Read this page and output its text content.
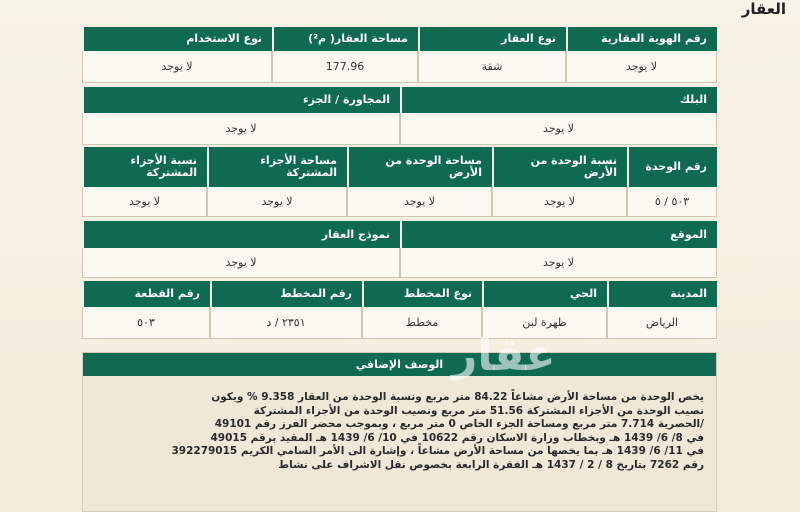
العقار
رقم الهوية العقارية
نوع العقار
مساحة العقار( م²)
نوع الاستخدام
لا يوجد
شقة
177.96
لا يوجد
البلك
المجاورة / الجزء
لا يوجد
لا يوجد
رقم الوحدة
نسبة الوحدة من الأرض
مساحة الوحدة من الأرض
مساحة الأجزاء المشتركة
نسبة الأجزاء المشتركة
٥٠٣ / ٥
لا يوجد
لا يوجد
لا يوجد
لا يوجد
الموقع
نموذج العقار
لا يوجد
لا يوجد
المدينة
الحي
نوع المخطط
رقم المخطط
رقم القطعة
الرياض
ظهرة لبن
مخطط
٢٣٥١ / د
٥٠٣
الوصف الإضافي
يخص الوحدة من مساحة الأرض مشاعاً 84.22 متر مربع ونسبة الوحدة من العقار 9.358 % ويكون
نصيب الوحدة من الأجزاء المشتركة 51.56 متر مربع ونصيب الوحدة من الأجزاء المشتركة
/الحصرية 7.714 متر مربع ومساحة الجزء الخاص 0 متر مربع ، وبموجب محضر الفرز رقم 49101
في 8/ 6/ 1439 هـ وبخطاب وزارة الاسكان رقم 10622 في 10/ 6/ 1439 هـ المقيد برقم 49015
في 11/ 6/ 1439 هـ بما يخصها من مساحة الأرض مشاعاً ، وإشارة الى الأمر السامي الكريم 392279015
رقم 7262 بتاريخ 8 / 2 / 1437 هـ الفقرة الرابعة بخصوص نقل الاشراف على نشاط
عقار
